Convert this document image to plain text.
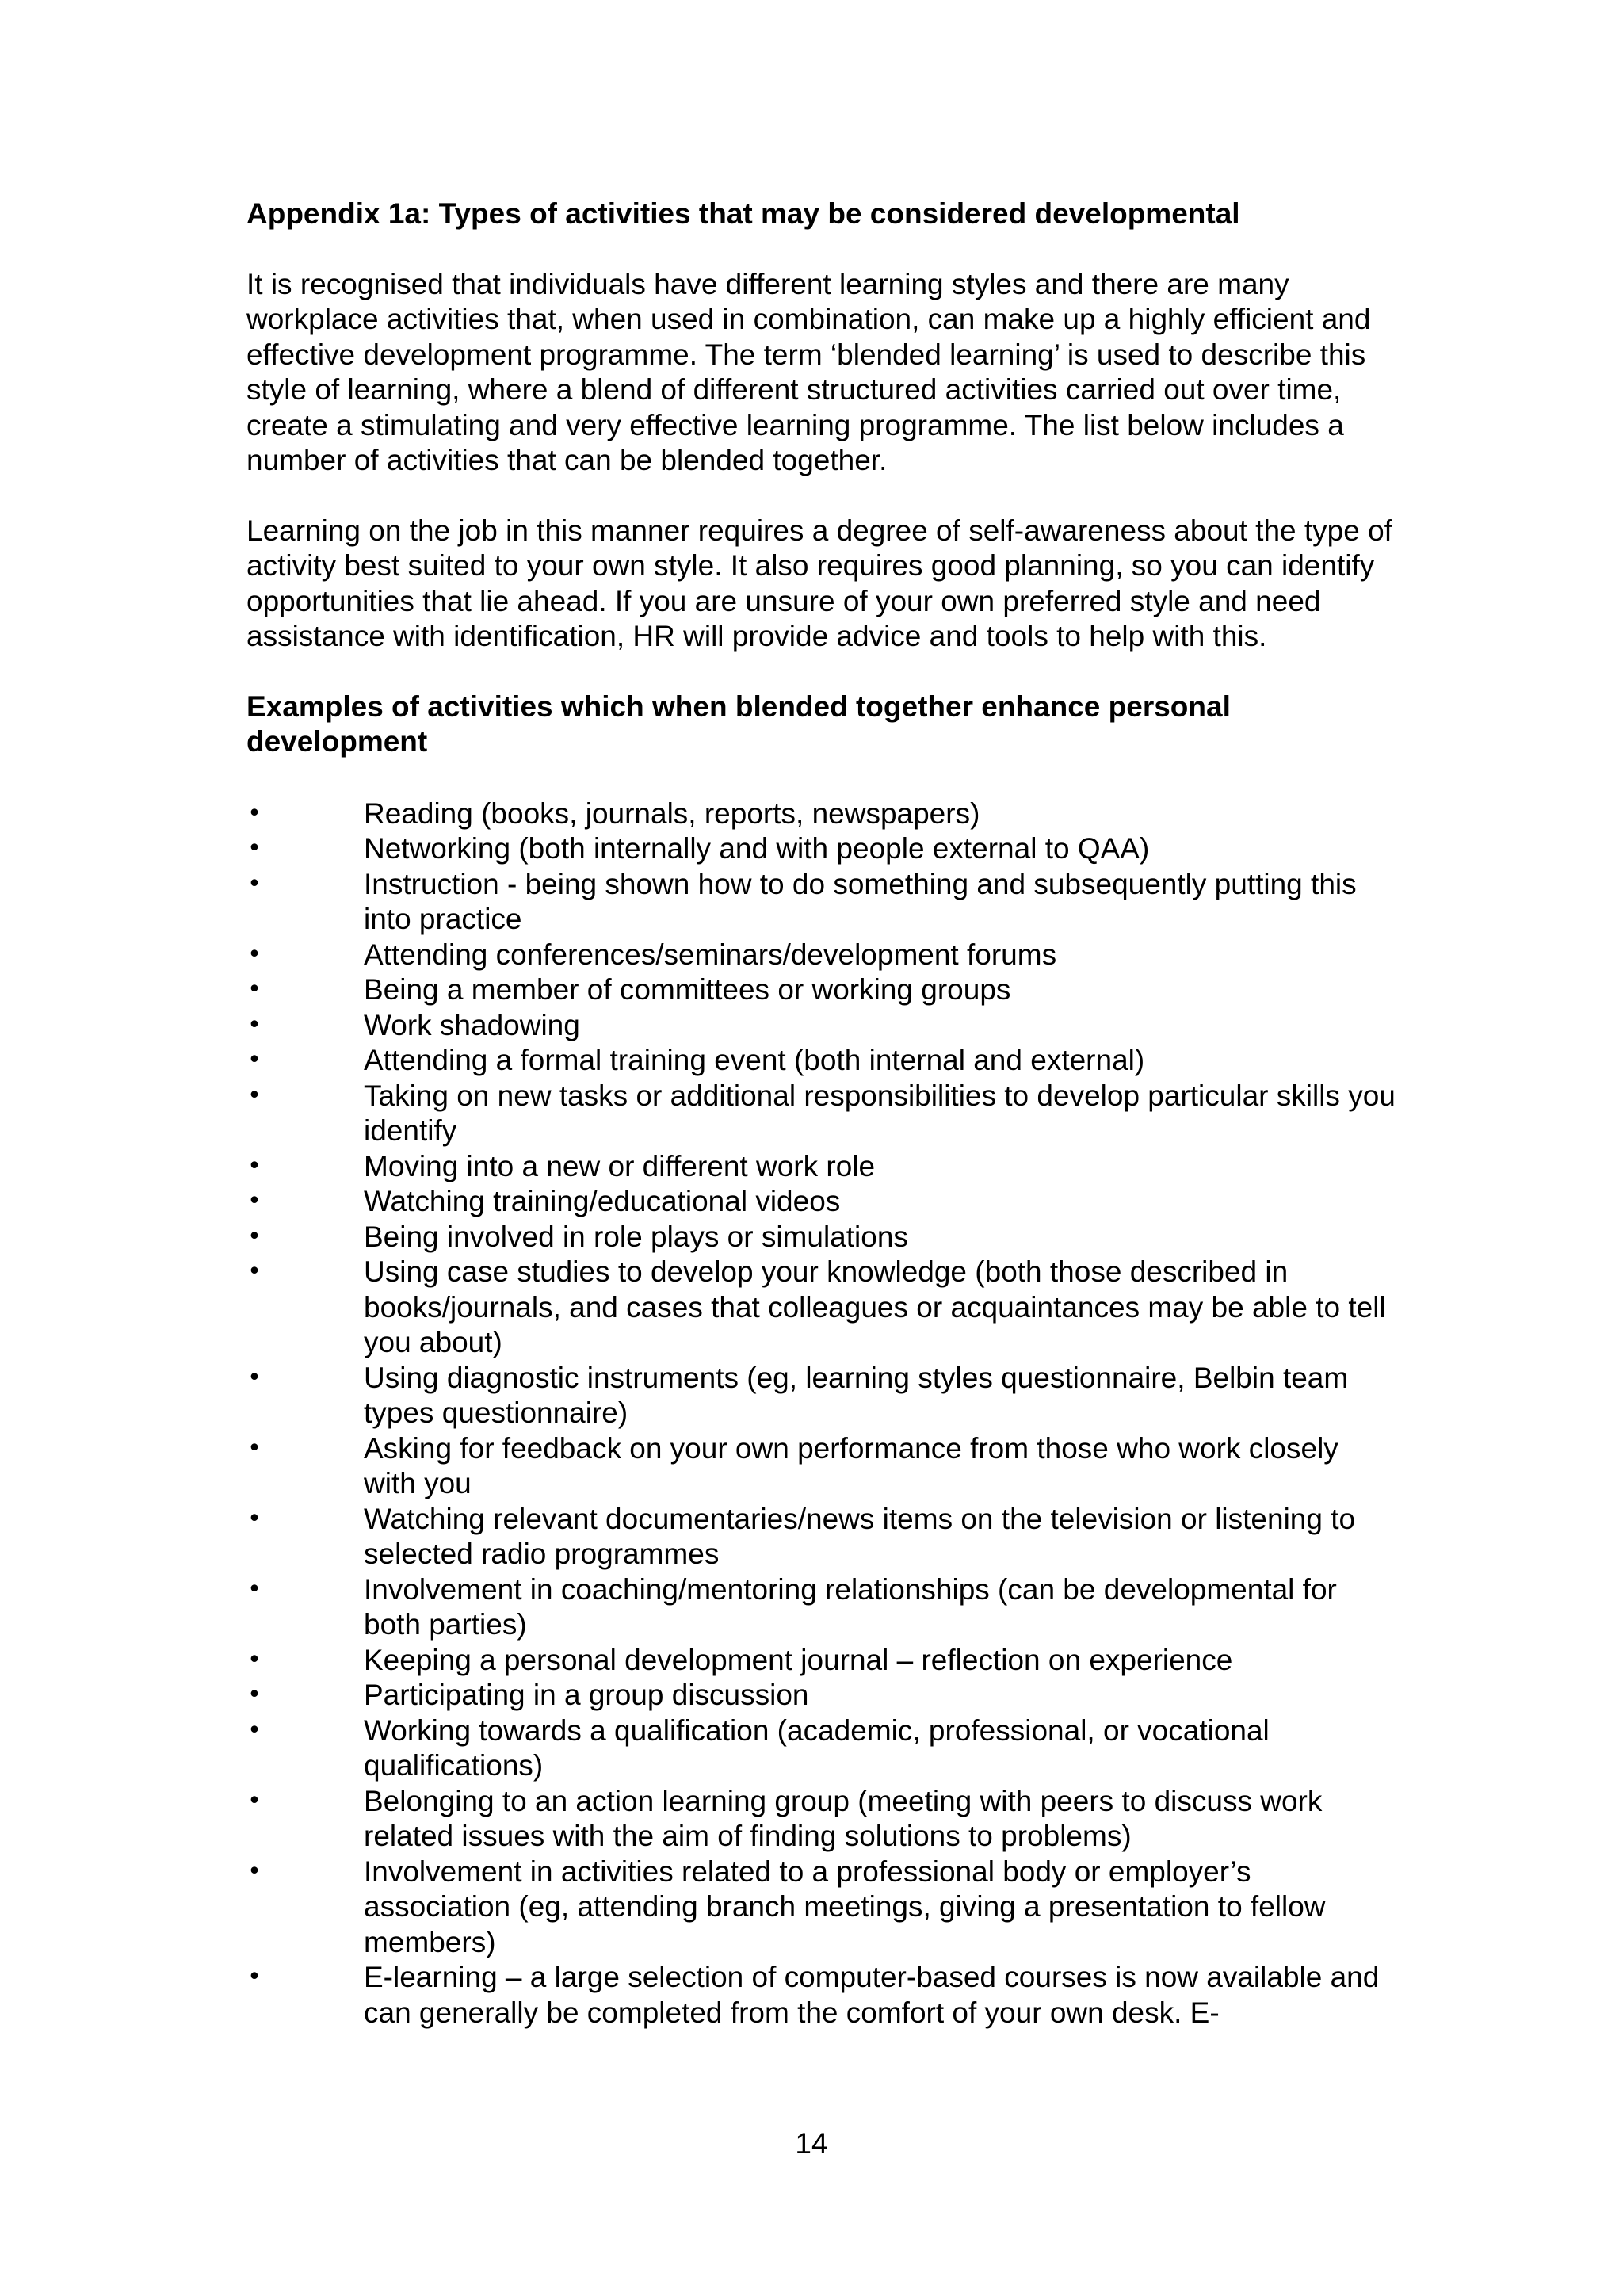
Appendix 1a: Types of activities that may be considered developmental

It is recognised that individuals have different learning styles and there are many workplace activities that, when used in combination, can make up a highly efficient and effective development programme. The term ‘blended learning’ is used to describe this style of learning, where a blend of different structured activities carried out over time, create a stimulating and very effective learning programme. The list below includes a number of activities that can be blended together.

Learning on the job in this manner requires a degree of self-awareness about the type of activity best suited to your own style. It also requires good planning, so you can identify opportunities that lie ahead. If you are unsure of your own preferred style and need assistance with identification, HR will provide advice and tools to help with this.

Examples of activities which when blended together enhance personal development

•	Reading (books, journals, reports, newspapers)
•	Networking (both internally and with people external to QAA)
•	Instruction - being shown how to do something and subsequently putting this into practice
•	Attending conferences/seminars/development forums
•	Being a member of committees or working groups
•	Work shadowing
•	Attending a formal training event (both internal and external)
•	Taking on new tasks or additional responsibilities to develop particular skills you identify
•	Moving into a new or different work role
•	Watching training/educational videos
•	Being involved in role plays or simulations
•	Using case studies to develop your knowledge (both those described in books/journals, and cases that colleagues or acquaintances may be able to tell you about)
•	Using diagnostic instruments (eg, learning styles questionnaire, Belbin team types questionnaire)
•	Asking for feedback on your own performance from those who work closely with you
•	Watching relevant documentaries/news items on the television or listening to selected radio programmes
•	Involvement in coaching/mentoring relationships (can be developmental for both parties)
•	Keeping a personal development journal – reflection on experience
•	Participating in a group discussion
•	Working towards a qualification (academic, professional, or vocational qualifications)
•	Belonging to an action learning group (meeting with peers to discuss work related issues with the aim of finding solutions to problems)
•	Involvement in activities related to a professional body or employer’s association (eg, attending branch meetings, giving a presentation to fellow members)
•	E-learning – a large selection of computer-based courses is now available and can generally be completed from the comfort of your own desk. E-
14
